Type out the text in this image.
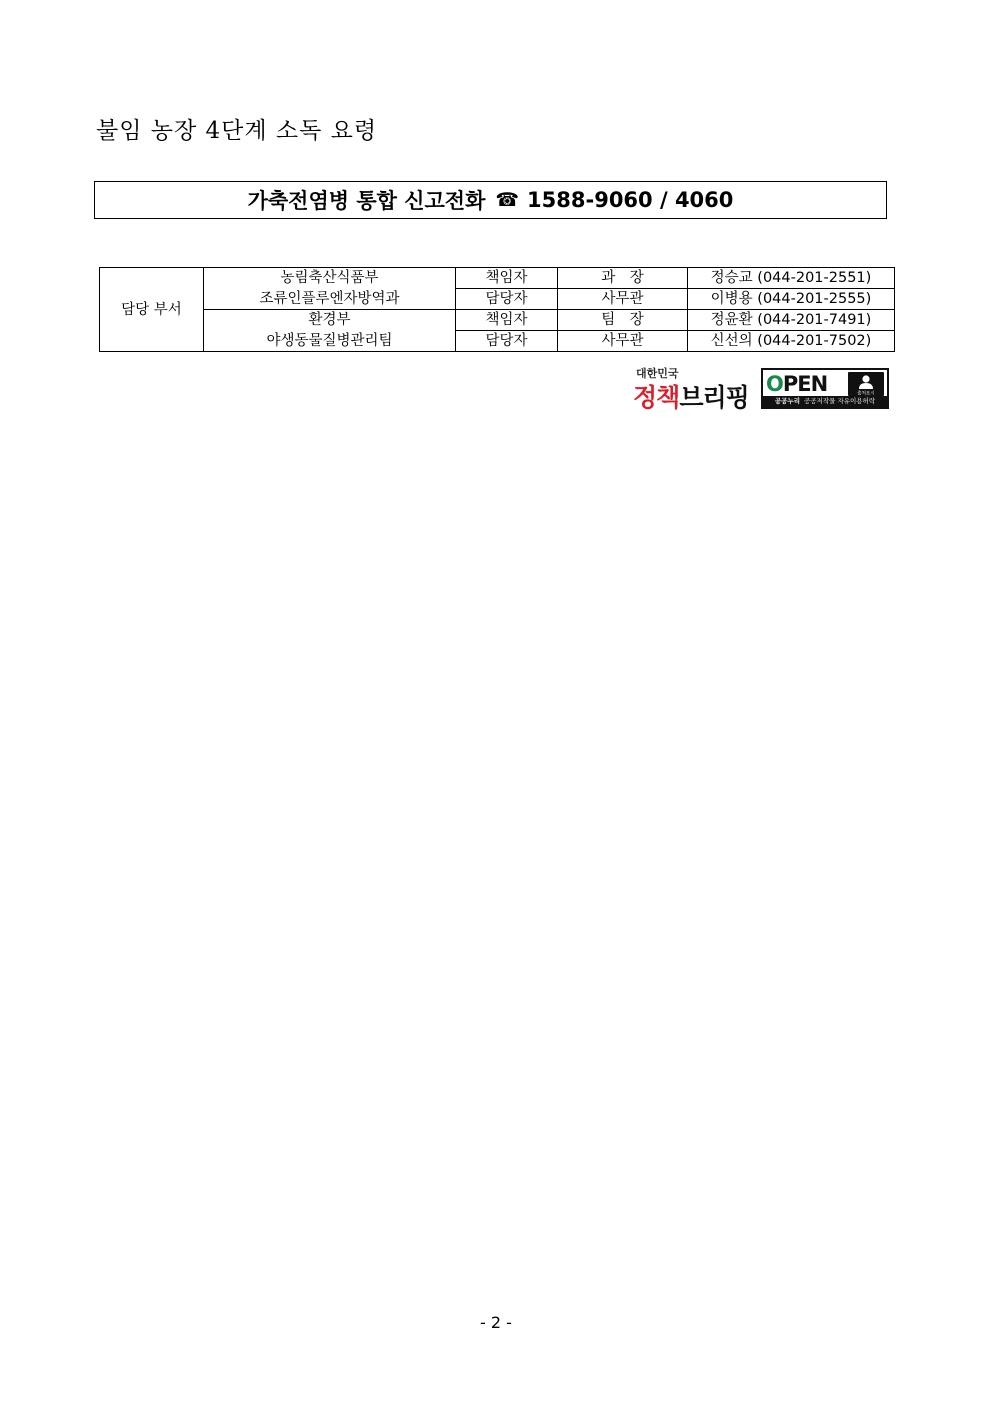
불임 농장 4단계 소독 요령
가축전염병 통합 신고전화 ☎ 1588-9060 / 4060
담당 부서	농림축산식품부	책임자	과　장	정승교 (044-201-2551)
	조류인플루엔자방역과	담당자	사무관	이병용 (044-201-2555)
	환경부	책임자	팀　장	정윤환 (044-201-7491)
	야생동물질병관리팀	담당자	사무관	신선의 (044-201-7502)
대한민국
정책브리핑 OPEN	출처표시
공공누리 공공저작물 자유이용허락
- 2 -
